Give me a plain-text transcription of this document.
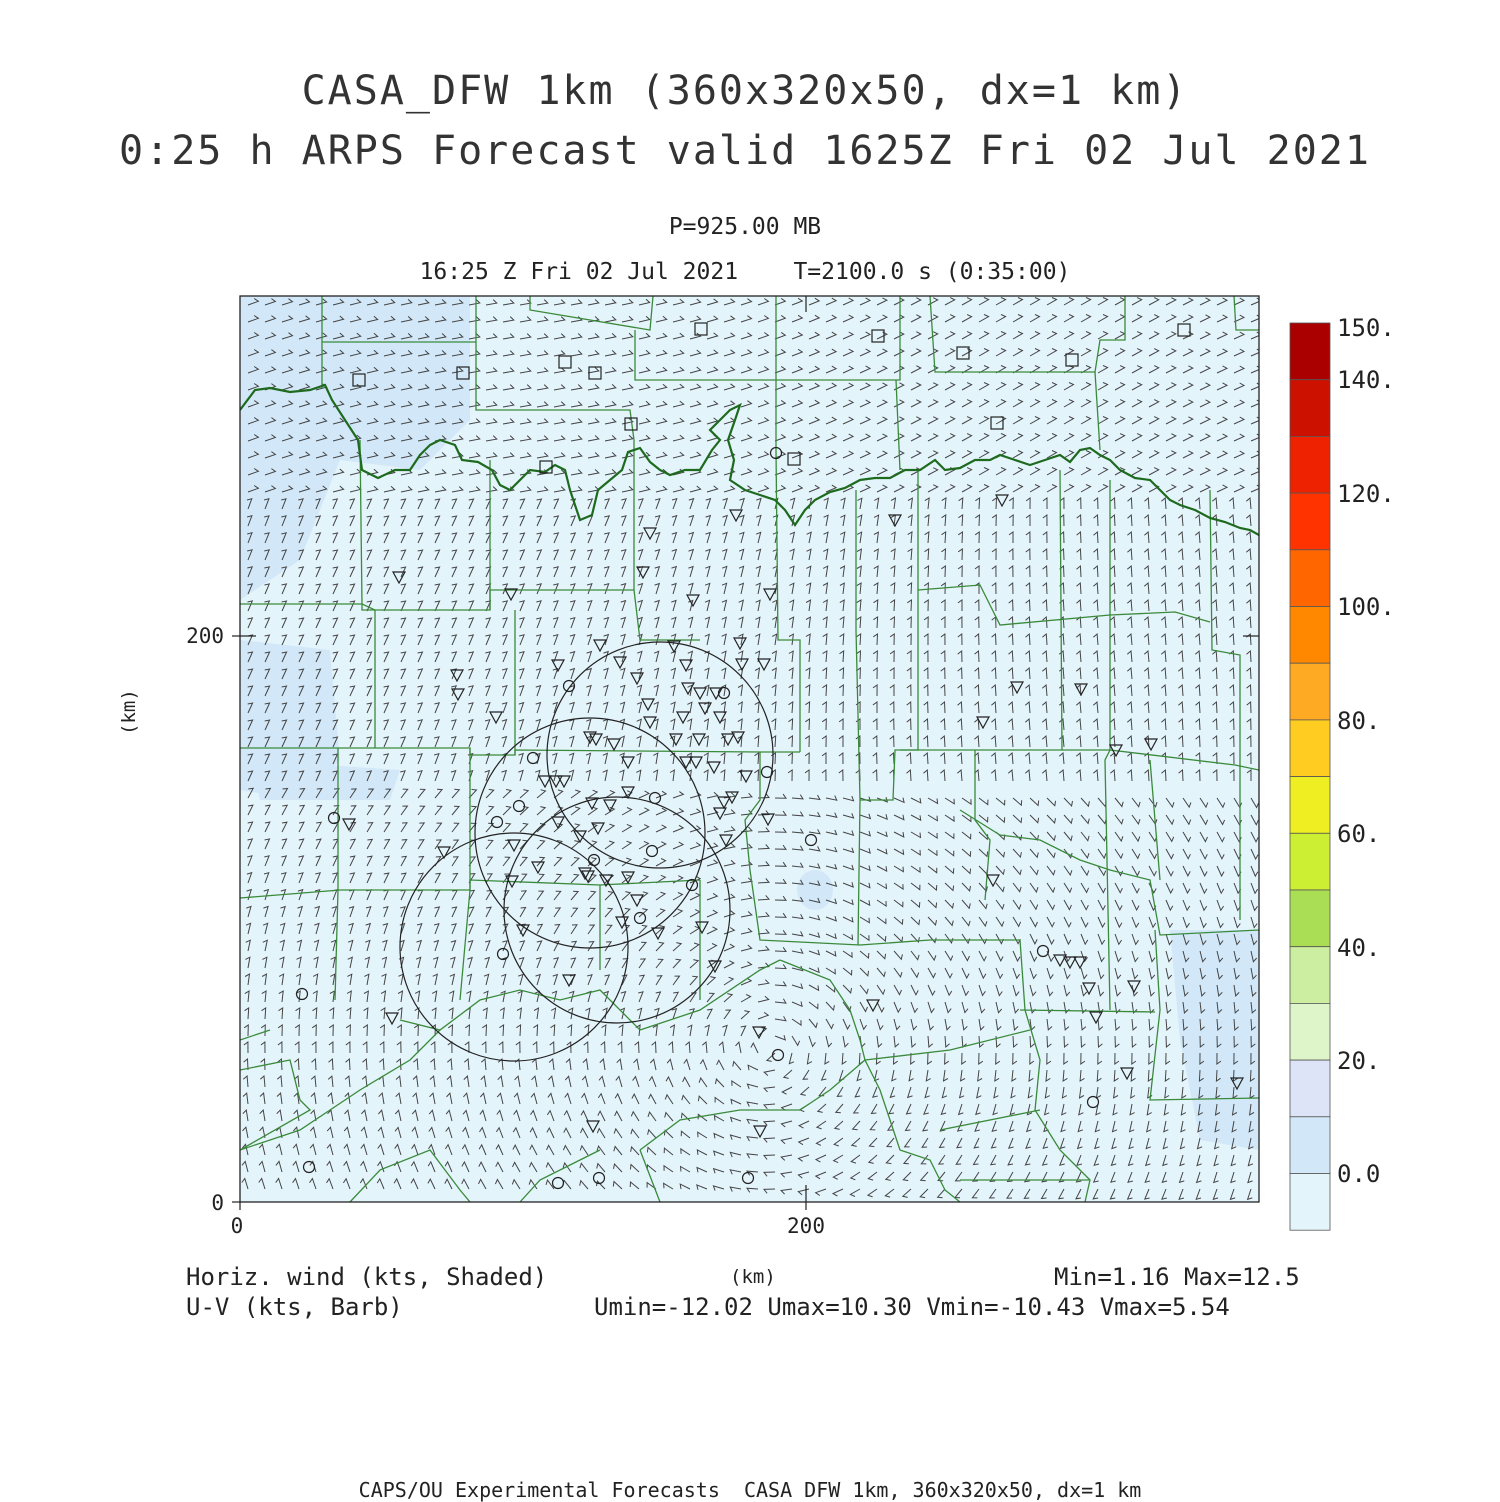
CASA_DFW 1km (360x320x50, dx=1 km)
0:25 h ARPS Forecast valid 1625Z Fri 02 Jul 2021
P=925.00 MB
16:25 Z Fri 02 Jul 2021    T=2100.0 s (0:35:00)
0	200
0
200
150.
140.
120.
100.
80.
60.
40.
20.
0.0
(km)
(km)
Horiz. wind (kts, Shaded)
U-V (kts, Barb)
Min=1.16 Max=12.5
Umin=-12.02 Umax=10.30 Vmin=-10.43 Vmax=5.54
CAPS/OU Experimental Forecasts  CASA DFW 1km, 360x320x50, dx=1 km
